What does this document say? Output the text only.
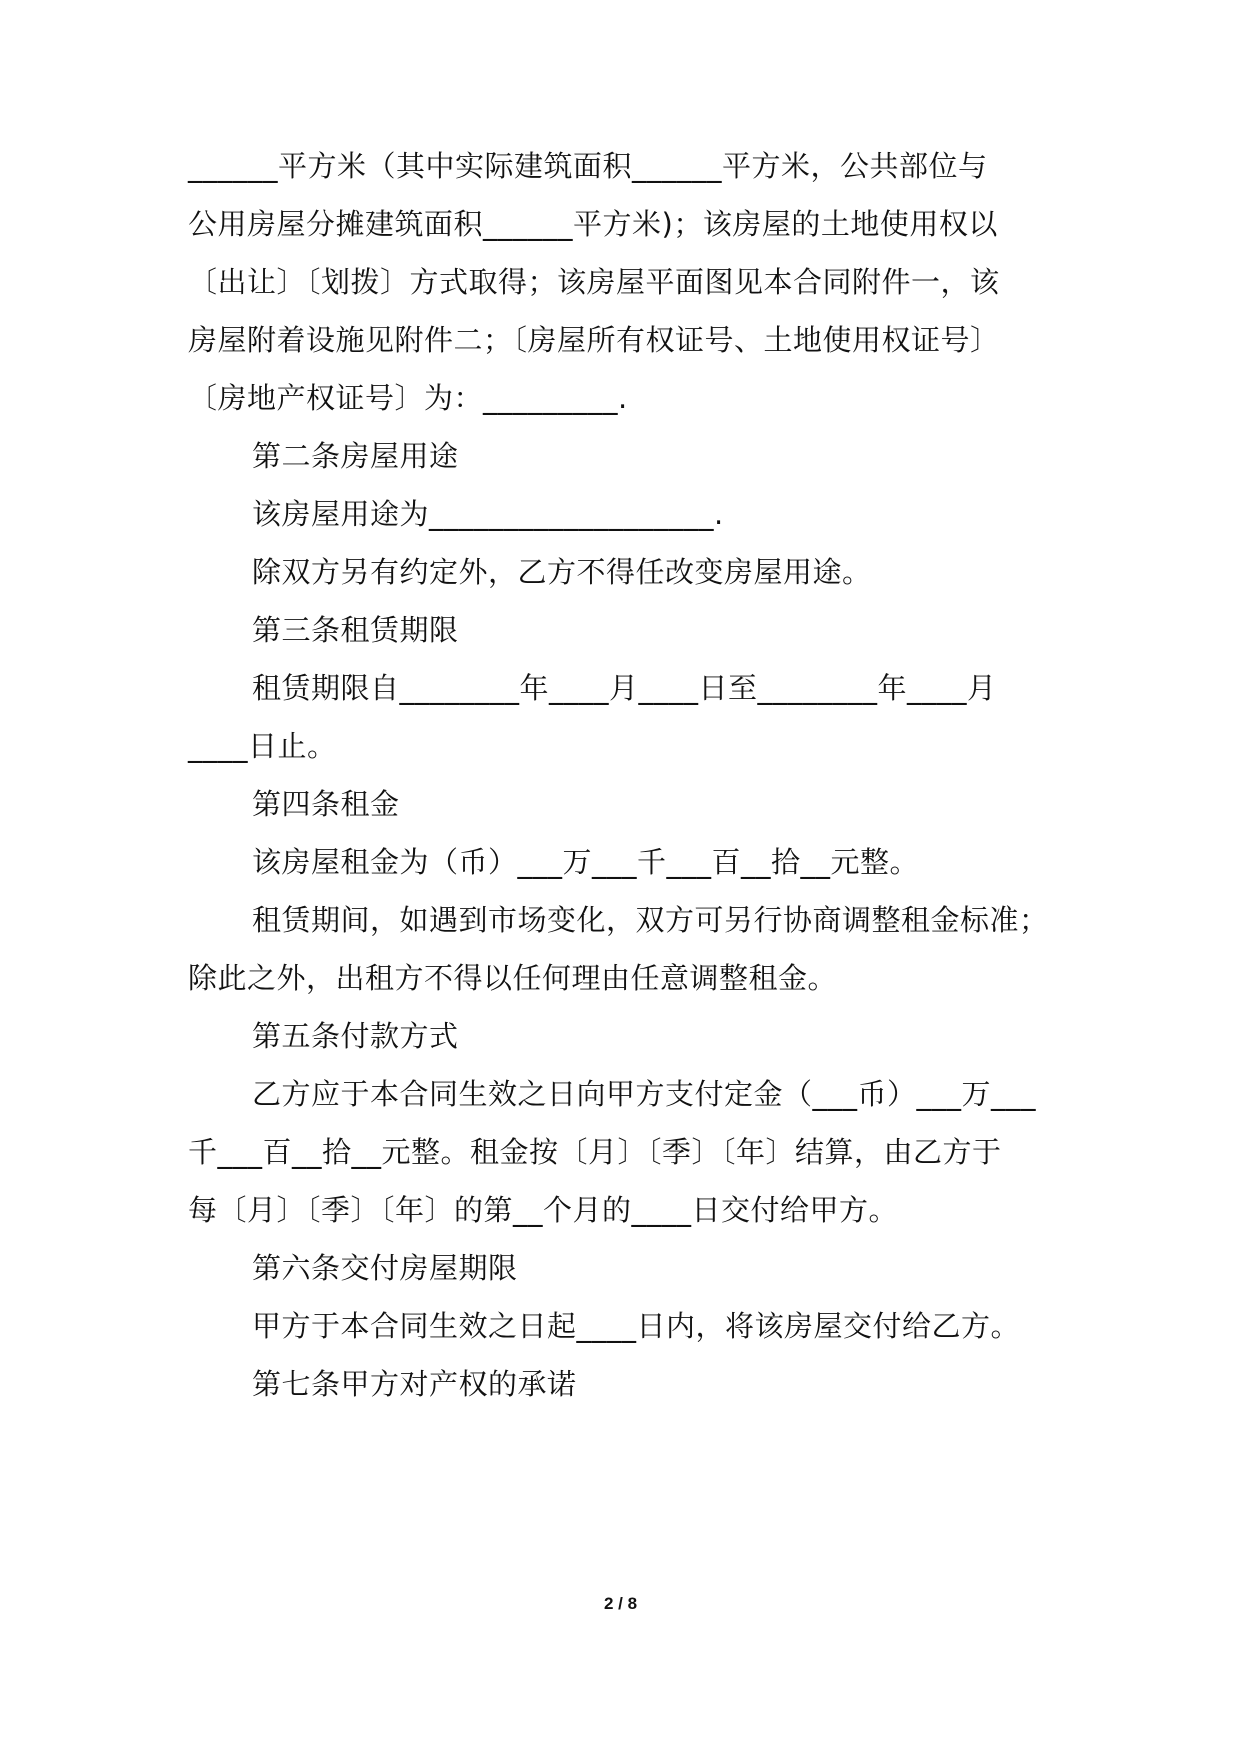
______平方米（其中实际建筑面积______平方米，公共部位与
公用房屋分摊建筑面积______平方米)；该房屋的土地使用权以
〔出让〕〔划拨〕方式取得；该房屋平面图见本合同附件一，该
房屋附着设施见附件二；〔房屋所有权证号、土地使用权证号〕
〔房地产权证号〕为：_________.
第二条房屋用途
该房屋用途为___________________.
除双方另有约定外，乙方不得任改变房屋用途。
第三条租赁期限
租赁期限自________年____月____日至________年____月
____日止。
第四条租金
该房屋租金为（币）___万___千___百__拾__元整。
租赁期间，如遇到市场变化，双方可另行协商调整租金标准；
除此之外，出租方不得以任何理由任意调整租金。
第五条付款方式
乙方应于本合同生效之日向甲方支付定金（___币）___万___
千___百__拾__元整。租金按〔月〕〔季〕〔年〕结算，由乙方于
每〔月〕〔季〕〔年〕的第__个月的____日交付给甲方。
第六条交付房屋期限
甲方于本合同生效之日起____日内，将该房屋交付给乙方。
第七条甲方对产权的承诺
2 / 8
